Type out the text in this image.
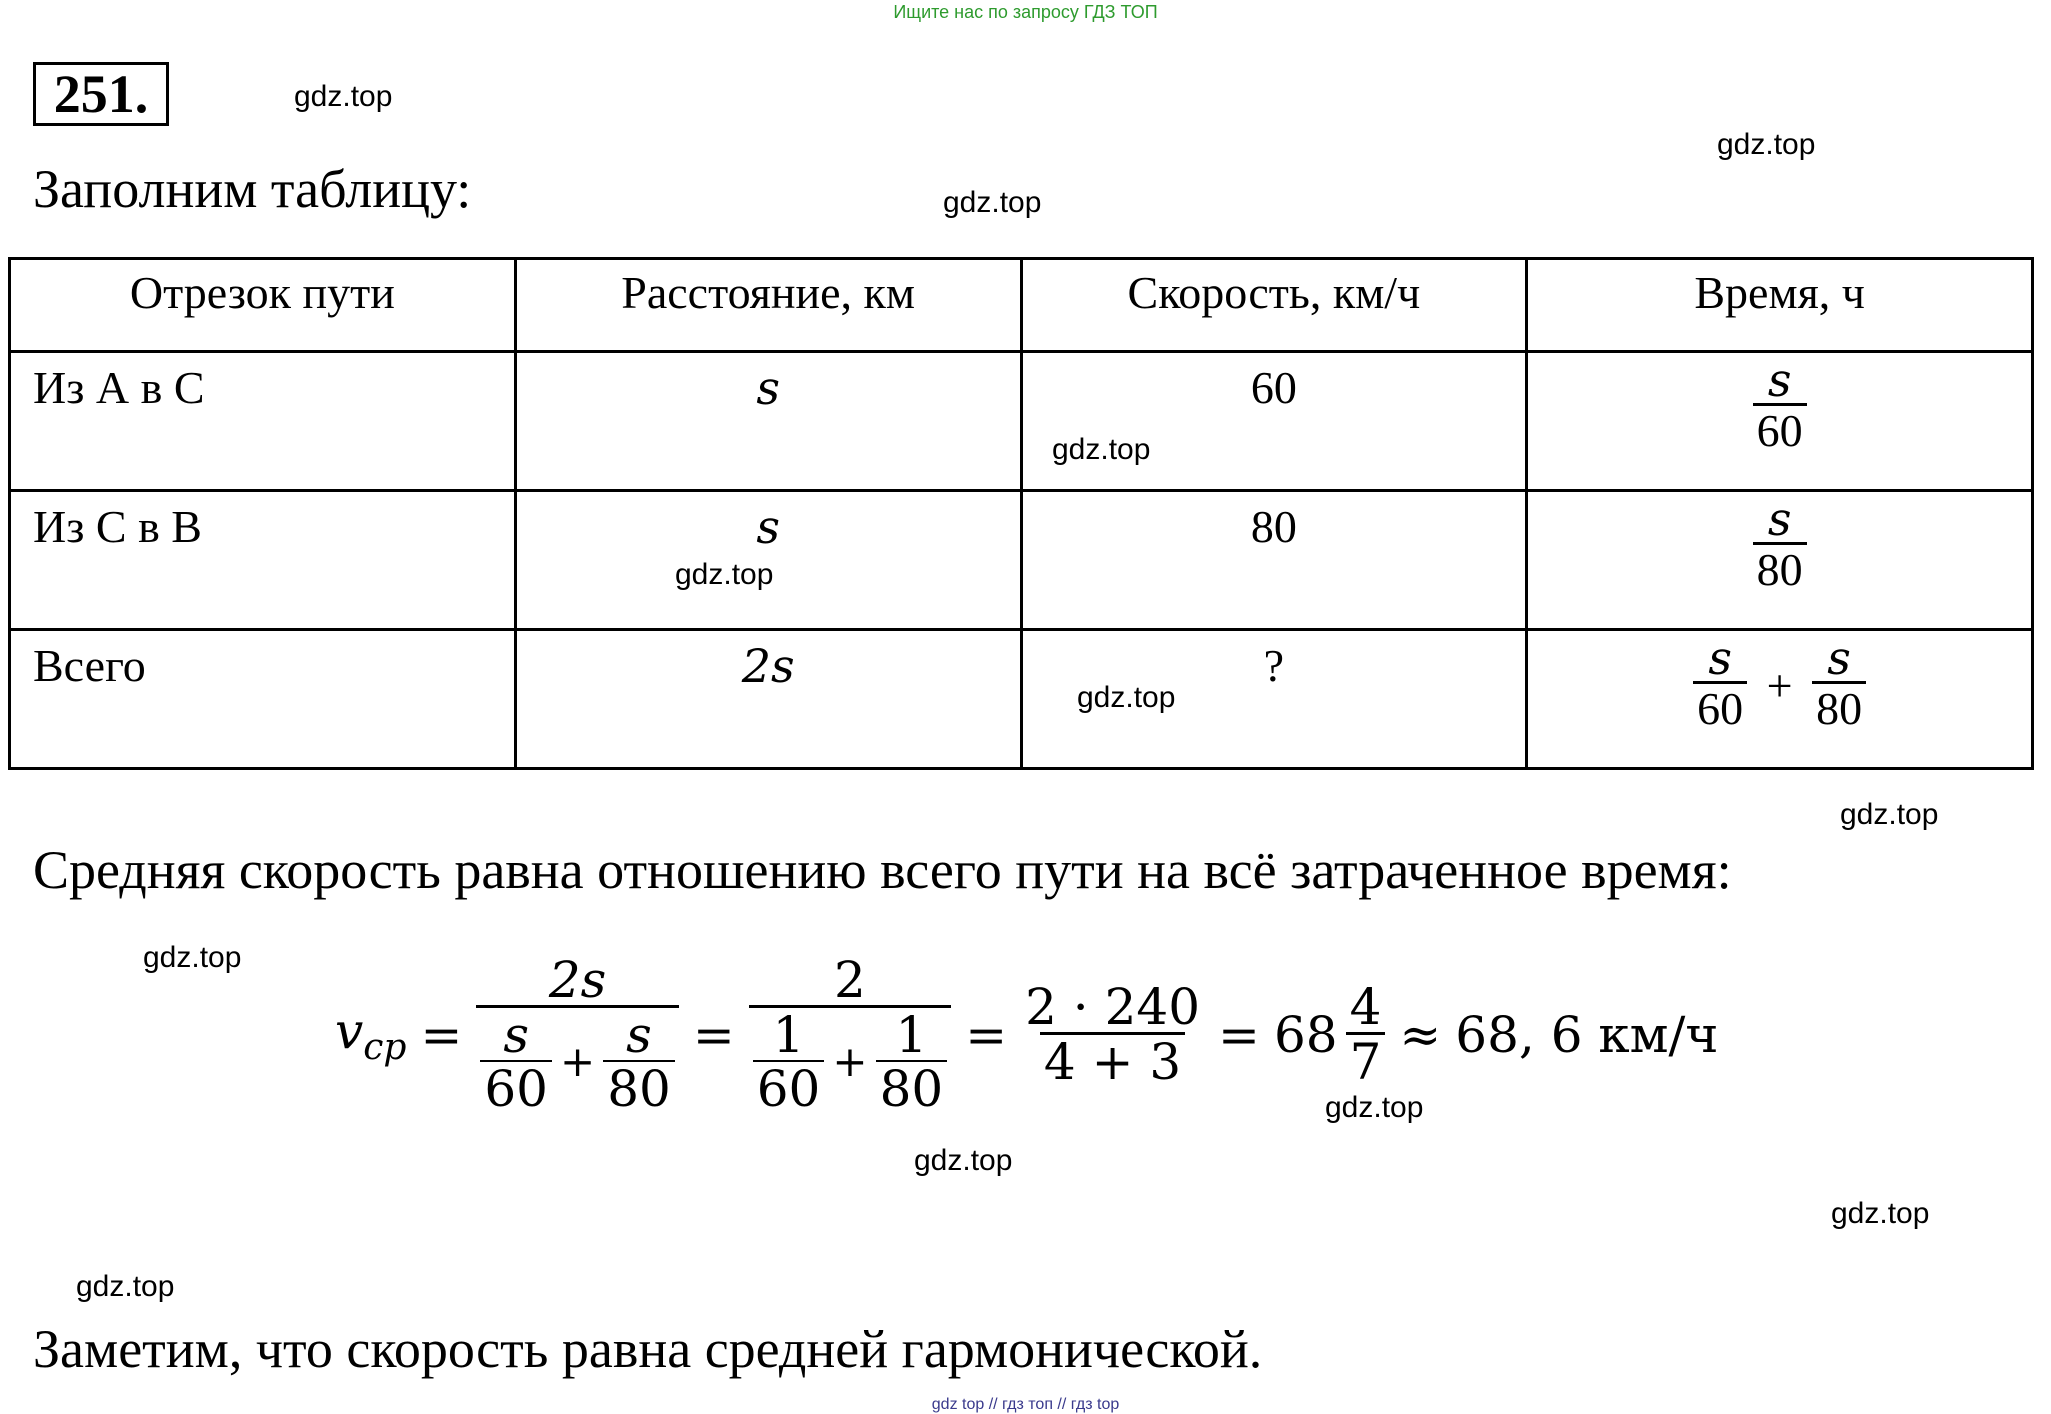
Ищите нас по запросу ГДЗ ТОП
251.
Заполним таблицу:
Отрезок пути	Расстояние, км	Скорость, км/ч	Время, ч
Из А в С	s	60	$\frac{s}{60}$

Из С в В	s	80	$\frac{s}{80}$

Всего	2s	?	$\frac{s}{60} + \frac{s}{80}$
Средняя скорость равна отношению всего пути на всё затраченное время:
$v_{ср} = \frac{2s}{\frac{s}{60} + \frac{s}{80}} = \frac{2}{\frac{1}{60} + \frac{1}{80}} = \frac{2 \cdot 240}{4 + 3} = 68 \frac{4}{7} \approx 68$, 6 км/ч
Заметим, что скорость равна средней гармонической.
gdz.top
gdz.top
gdz.top
gdz.top
gdz.top
gdz.top
gdz.top
gdz.top
gdz.top
gdz.top
gdz.top
gdz.top
gdz top // гдз топ // гдз top
